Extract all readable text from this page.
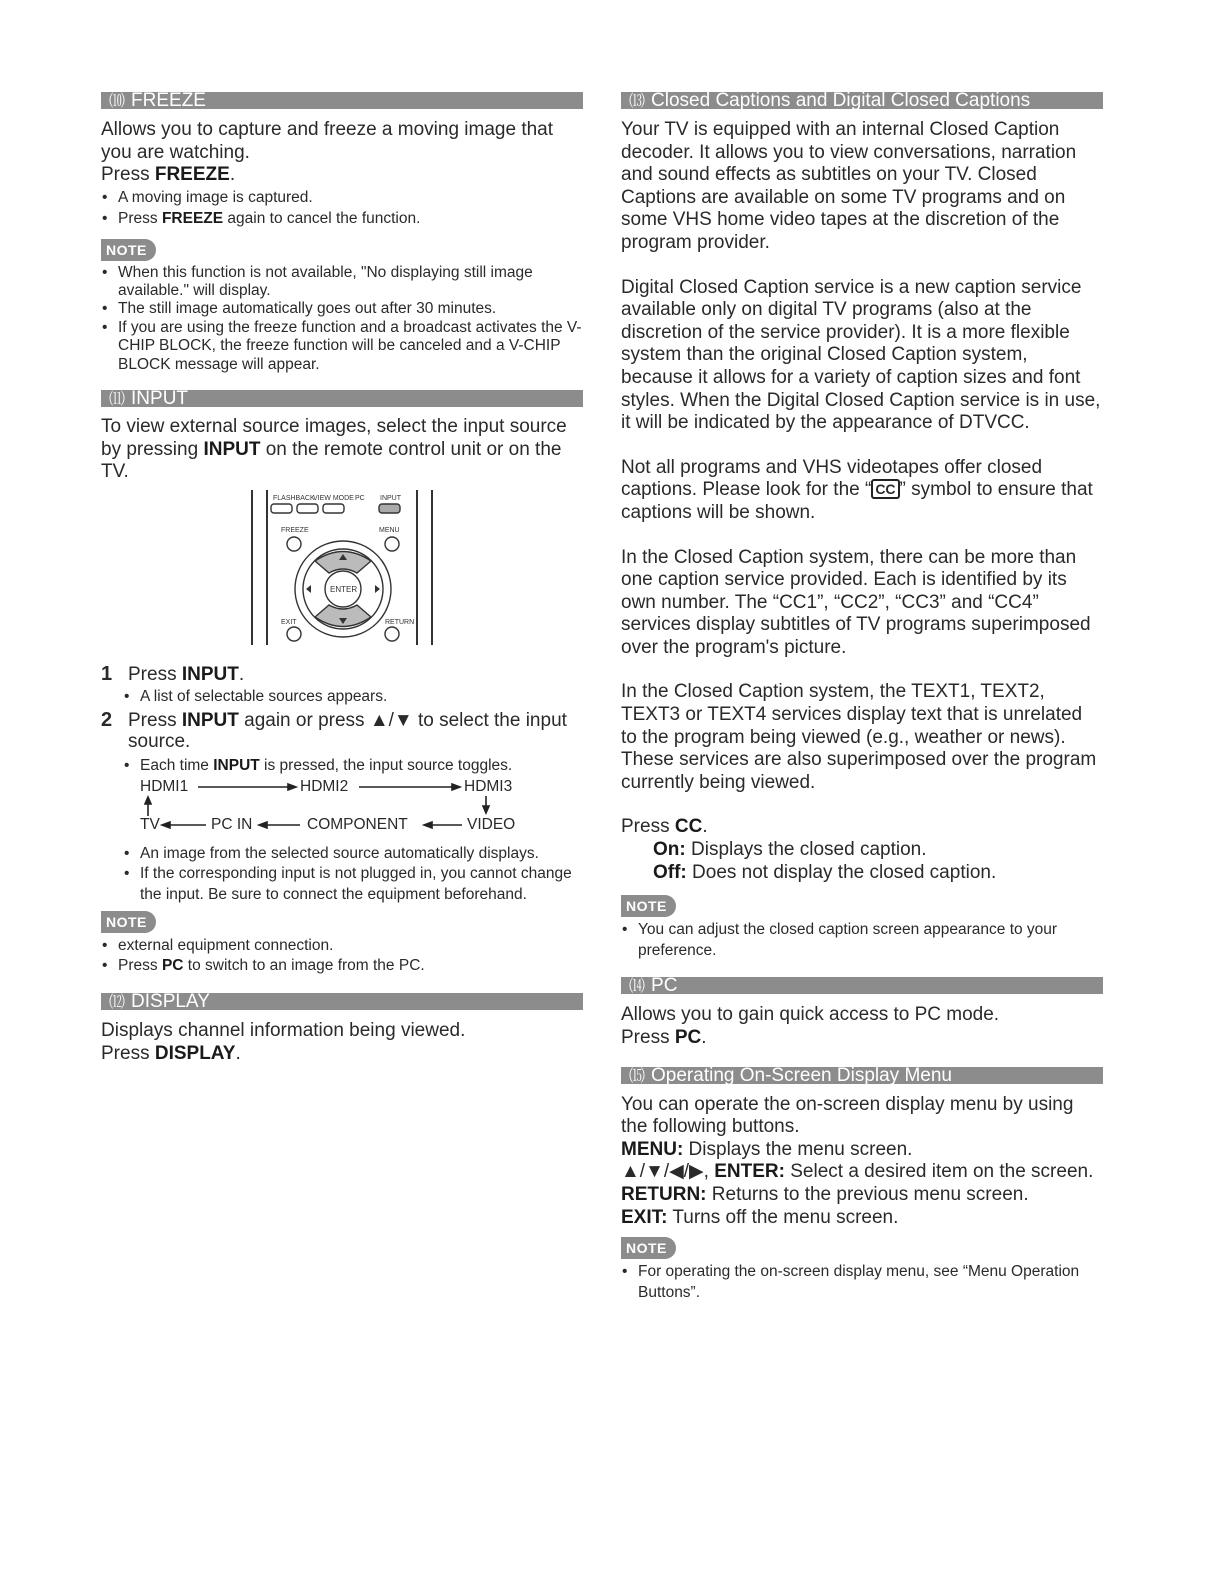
⑽ FREEZE

Allows you to capture and freeze a moving image that you are watching.

Press FREEZE.

• A moving image is captured.
• Press FREEZE again to cancel the function.
NOTE
• When this function is not available, "No displaying still image available." will display.
• The still image automatically goes out after 30 minutes.
• If you are using the freeze function and a broadcast activates the V-CHIP BLOCK, the freeze function will be canceled and a V-CHIP BLOCK message will appear.
⑾ INPUT

To view external source images, select the input source by pressing INPUT on the remote control unit or on the TV.

FLASHBACK
VIEW MODE PC INPUT
FREEZE	MENU
EXIT	RETURN
ENTER
1 Press INPUT.
• A list of selectable sources appears.
2 Press INPUT again or press ▲/▼ to select the input source.
• Each time INPUT is pressed, the input source toggles.
HDMI1	HDMI2	HDMI3
TV	PC IN	COMPONENT	VIDEO
• An image from the selected source automatically displays.
• If the corresponding input is not plugged in, you cannot change the input. Be sure to connect the equipment beforehand.
NOTE
• external equipment connection.
• Press PC to switch to an image from the PC.
⑿ DISPLAY

Displays channel information being viewed.

Press DISPLAY.

⒀ Closed Captions and Digital Closed Captions

Your TV is equipped with an internal Closed Caption decoder. It allows you to view conversations, narration and sound effects as subtitles on your TV. Closed Captions are available on some TV programs and on some VHS home video tapes at the discretion of the program provider.

Digital Closed Caption service is a new caption service available only on digital TV programs (also at the discretion of the service provider). It is a more flexible system than the original Closed Caption system, because it allows for a variety of caption sizes and font styles. When the Digital Closed Caption service is in use, it will be indicated by the appearance of DTVCC.

Not all programs and VHS videotapes offer closed captions. Please look for the “ CC ” symbol to ensure that captions will be shown.

In the Closed Caption system, there can be more than one caption service provided. Each is identified by its own number. The “CC1”, “CC2”, “CC3” and “CC4” services display subtitles of TV programs superimposed over the program's picture.

In the Closed Caption system, the TEXT1, TEXT2, TEXT3 or TEXT4 services display text that is unrelated to the program being viewed (e.g., weather or news). These services are also superimposed over the program currently being viewed.

Press CC.

On: Displays the closed caption.

Off: Does not display the closed caption.

NOTE
• You can adjust the closed caption screen appearance to your preference.
⒁ PC

Allows you to gain quick access to PC mode.

Press PC.

⒂ Operating On-Screen Display Menu

You can operate the on-screen display menu by using the following buttons.

MENU: Displays the menu screen.

▲/▼/◀/▶, ENTER: Select a desired item on the screen.

RETURN: Returns to the previous menu screen.

EXIT: Turns off the menu screen.

NOTE
• For operating the on-screen display menu, see “Menu Operation Buttons”.
